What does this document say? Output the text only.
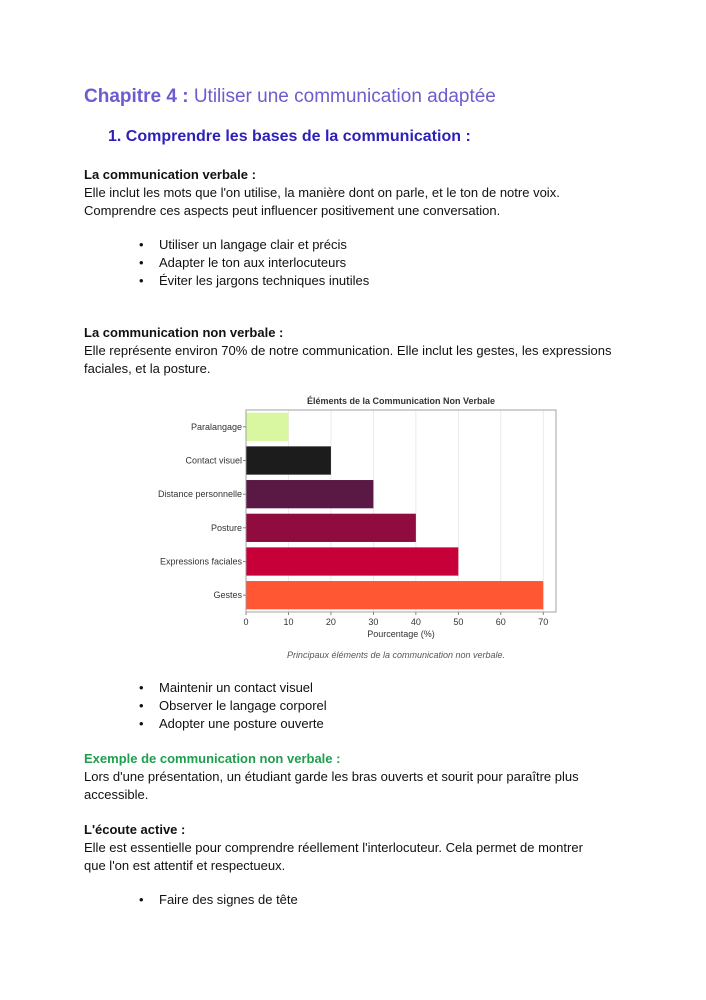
Chapitre 4 : Utiliser une communication adaptée
1. Comprendre les bases de la communication :
La communication verbale :
Elle inclut les mots que l'on utilise, la manière dont on parle, et le ton de notre voix.
Comprendre ces aspects peut influencer positivement une conversation.
• Utiliser un langage clair et précis
• Adapter le ton aux interlocuteurs
• Éviter les jargons techniques inutiles
La communication non verbale :
Elle représente environ 70% de notre communication. Elle inclut les gestes, les expressions
faciales, et la posture.
Éléments de la Communication Non Verbale
0	10	20	30	40	50	60	70
Paralangage
Contact visuel
Distance personnelle
Posture
Expressions faciales
Gestes
Pourcentage (%)
Principaux éléments de la communication non verbale.
• Maintenir un contact visuel
• Observer le langage corporel
• Adopter une posture ouverte
Exemple de communication non verbale :
Lors d'une présentation, un étudiant garde les bras ouverts et sourit pour paraître plus
accessible.
L'écoute active :
Elle est essentielle pour comprendre réellement l'interlocuteur. Cela permet de montrer
que l'on est attentif et respectueux.
• Faire des signes de tête
